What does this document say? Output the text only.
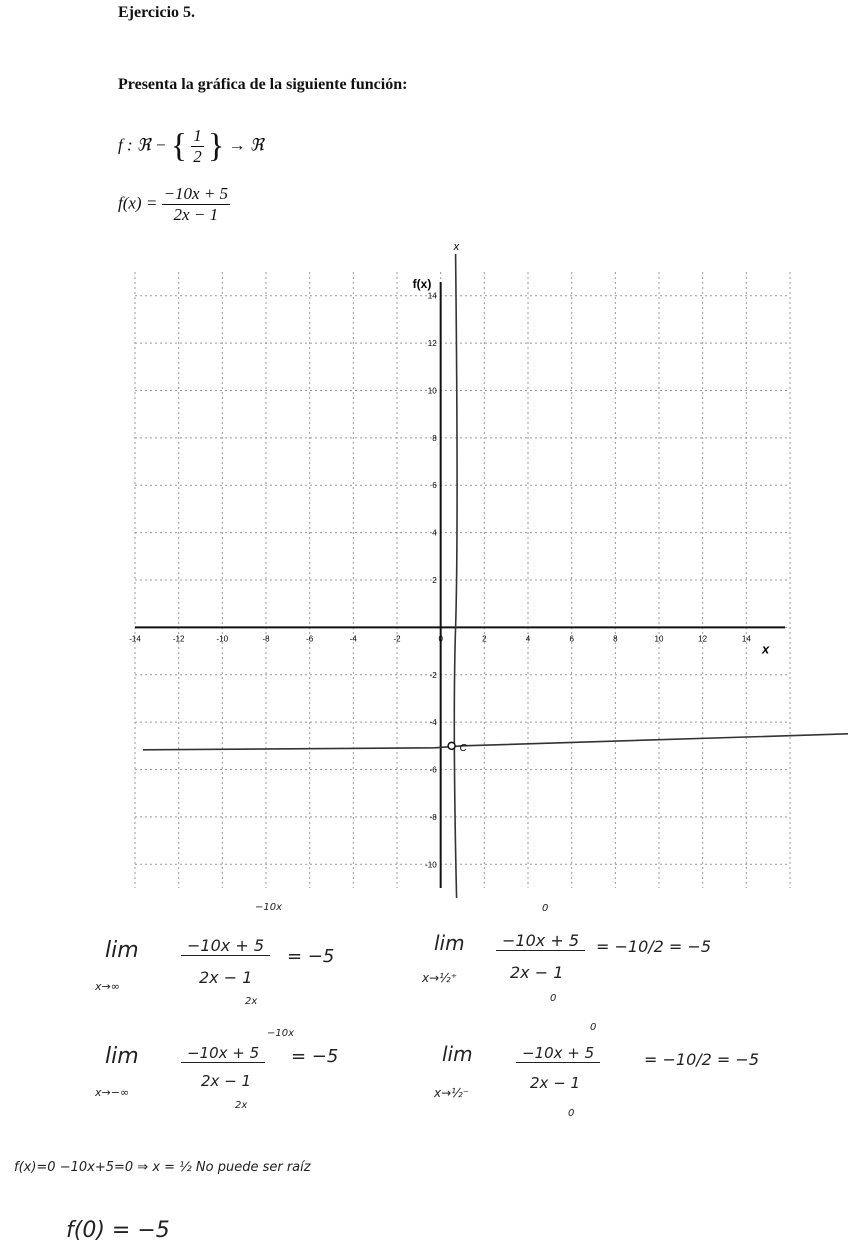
Ejercicio 5.
Presenta la gráfica de la siguiente función:
f : ℜ − { $\frac{1}{2}$ } → ℜ
$f(x) = \frac{-10x + 5}{2x - 1}$
x
f(x)
-14	-12	-10	-8	-6	-4	-2	0	2	4	6	8	10	12	14
-10
-8
-6
-4
-2
2
4
6
8
10
12
14
x
C
lim
x→∞
−10x
−10x + 5
2x − 1
2x
= −5
lim
x→−∞
−10x
−10x + 5
2x − 1
2x
= −5
lim
x→½⁺
0
−10x + 5
2x − 1
0
= −10/2 = −5
lim
x→½⁻
0
−10x + 5
2x − 1
0
= −10/2 = −5
f(x)=0 −10x+5=0 ⇒ x = ½ No puede ser raíz
f(0) = −5
